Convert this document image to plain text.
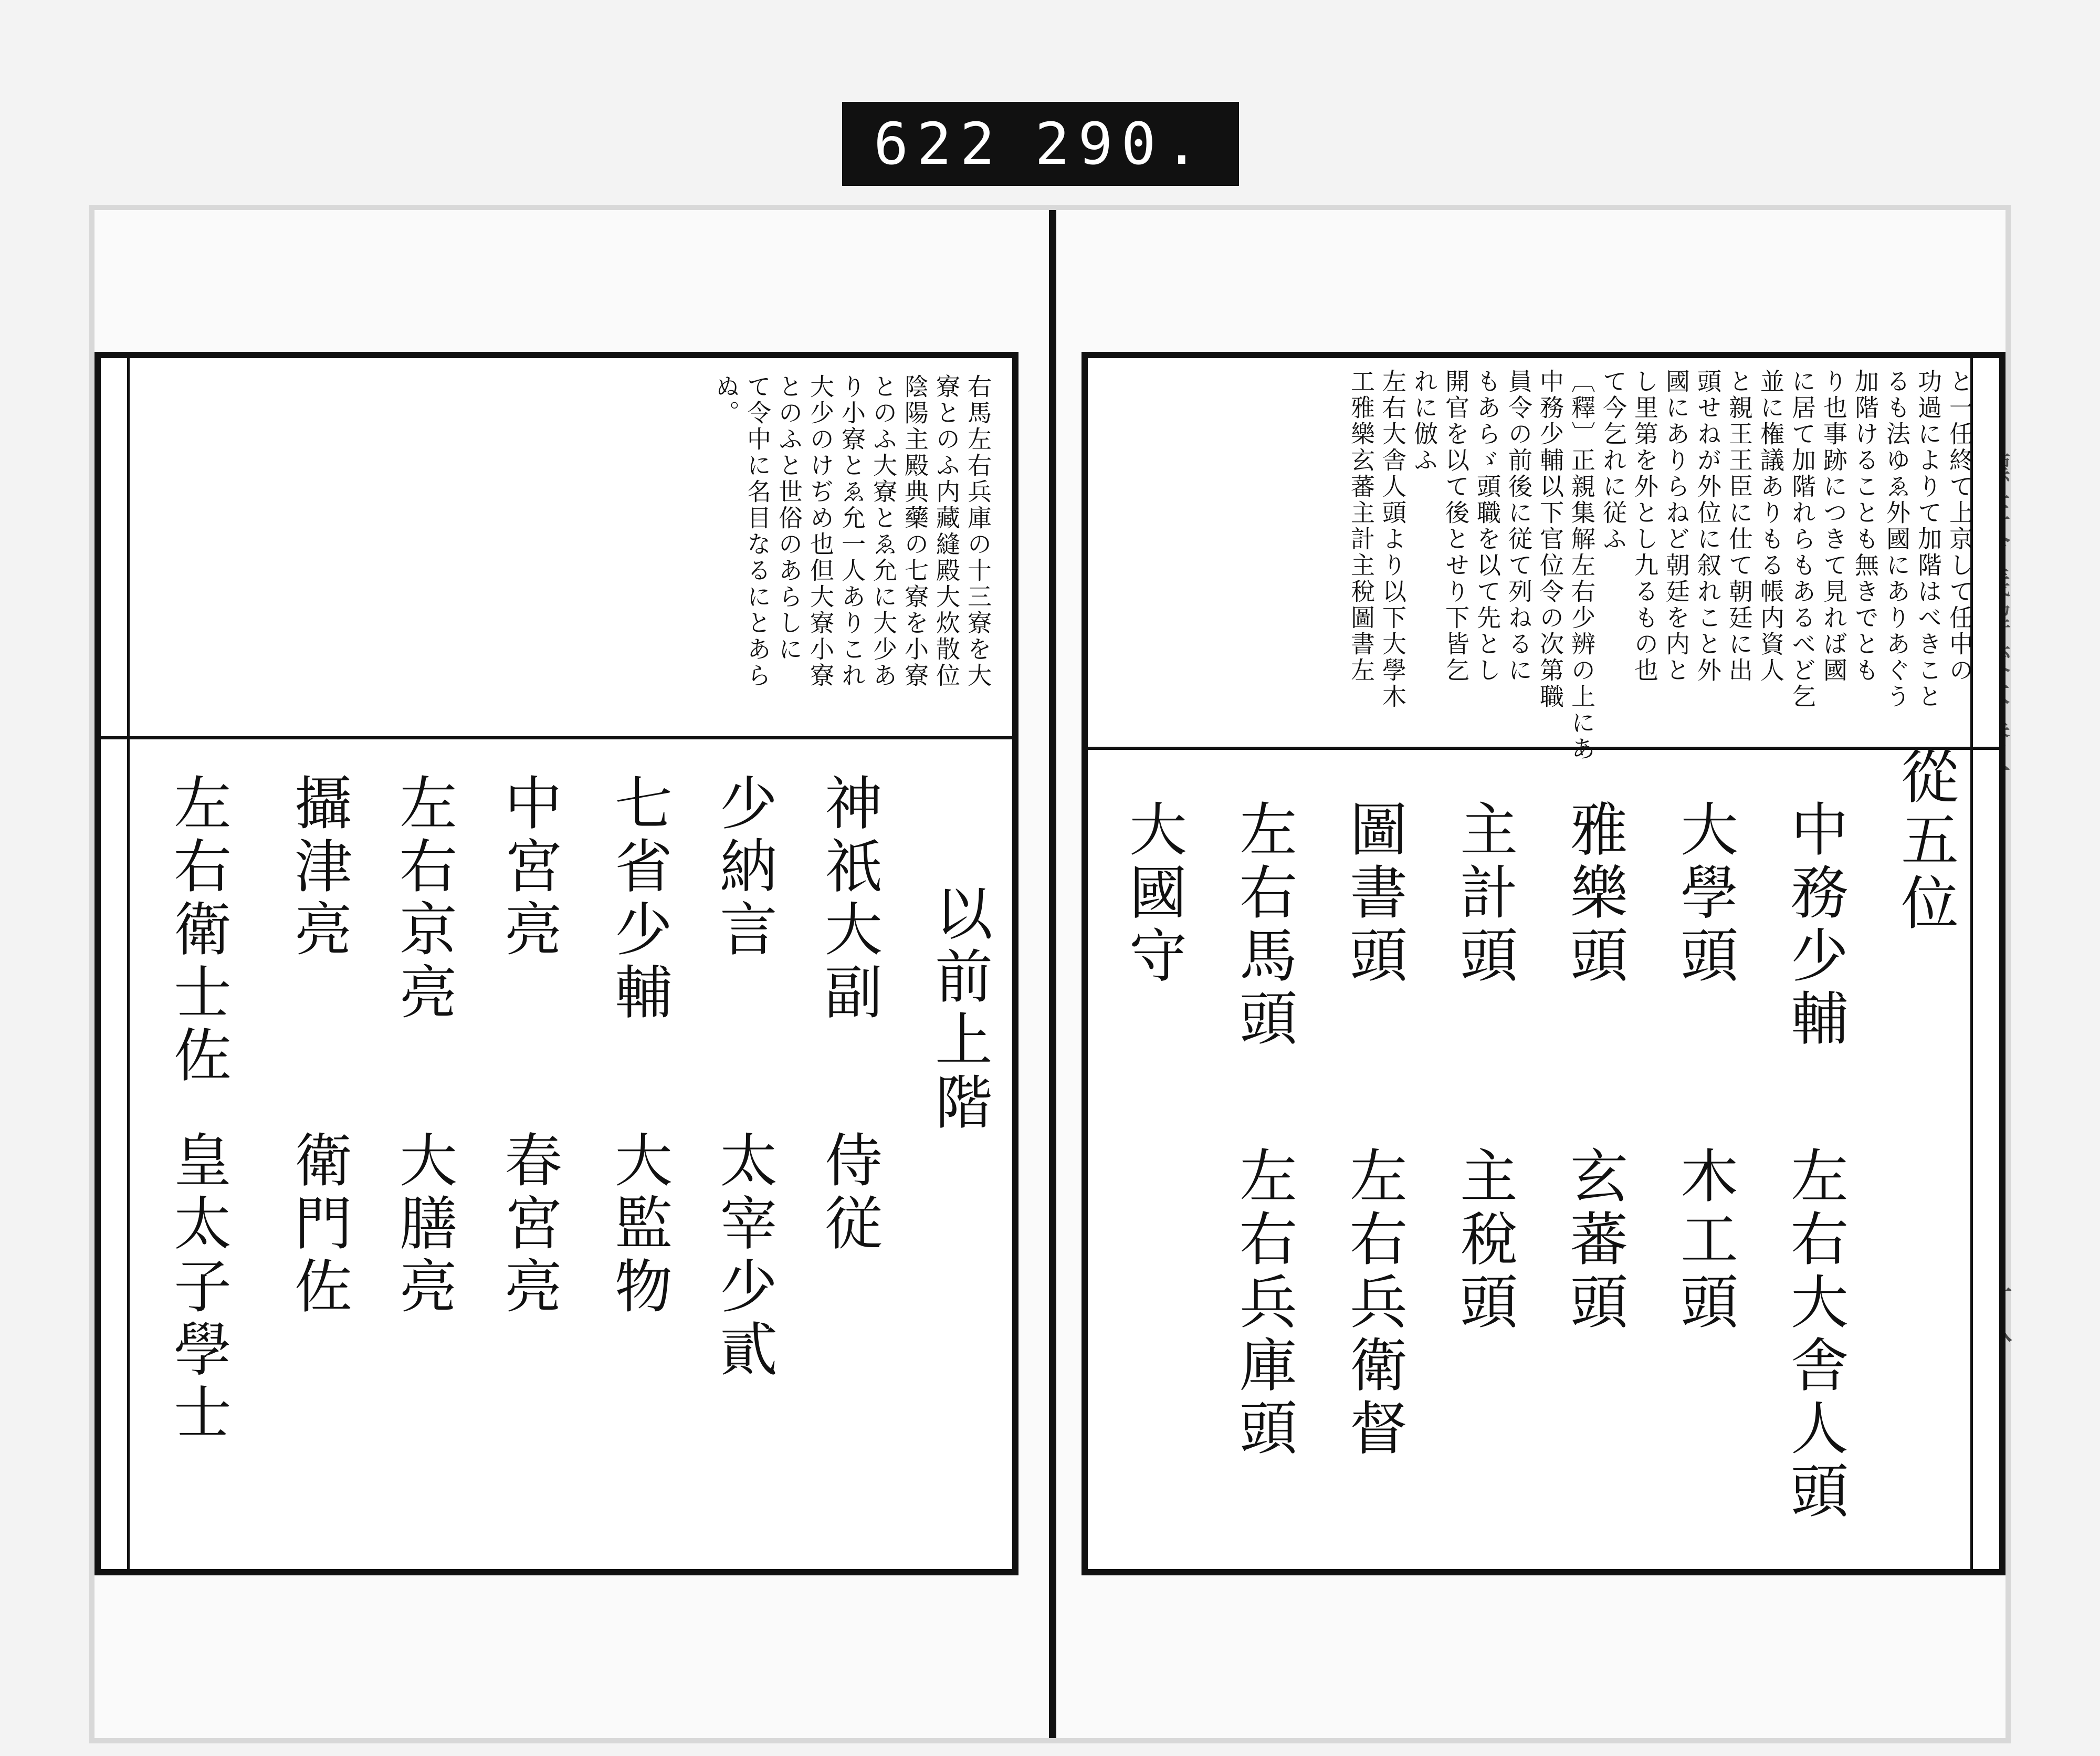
622 290.
右馬左右兵庫の十三寮を大
寮とのふ内藏縫殿大炊散位
陰陽主殿典藥の七寮を小寮
とのふ大寮とゑ允に大少あ
り小寮とゑ允一人ありこれ
大少のけぢめ也但大寮小寮
とのふと世俗のあらしに
て令中に名目なるにとあら
ぬ。
以前上階
神祇大副
少納言
七省少輔
中宮亮
左右京亮
攝津亮
左右衛士佐
侍従
太宰少貳
大監物
春宮亮
大膳亮
衛門佐
皇太子學士
と一任終て上京して任中の
功過によりて加階はべきこと
るも法ゆゑ外國にありあぐう
加階けることも無きでとも
り也事跡につきて見れば國
に居て加階れらもあるべど乞
並に権議ありもる帳内資人
と親王王臣に仕て朝廷に出
頭せねが外位に叙れこと外
國にありらねど朝廷を内と
し里第を外とし九るもの也
て今乞れに従ふ
〔釋〕正親集解左右少辨の上にあ
中務少輔以下官位令の次第職
員令の前後に従て列ねるに
もあらゞ頭職を以て先とし
開官を以て後とせり下皆乞
れに倣ふ
左右大舎人頭より以下大學木
工雅樂玄蕃主計主稅圖書左
從五位
中務少輔
大學頭
雅樂頭
主計頭
圖書頭
左右馬頭
大國守
左右大舎人頭
木工頭
玄蕃頭
主稅頭
左右兵衛督
左右兵庫頭
